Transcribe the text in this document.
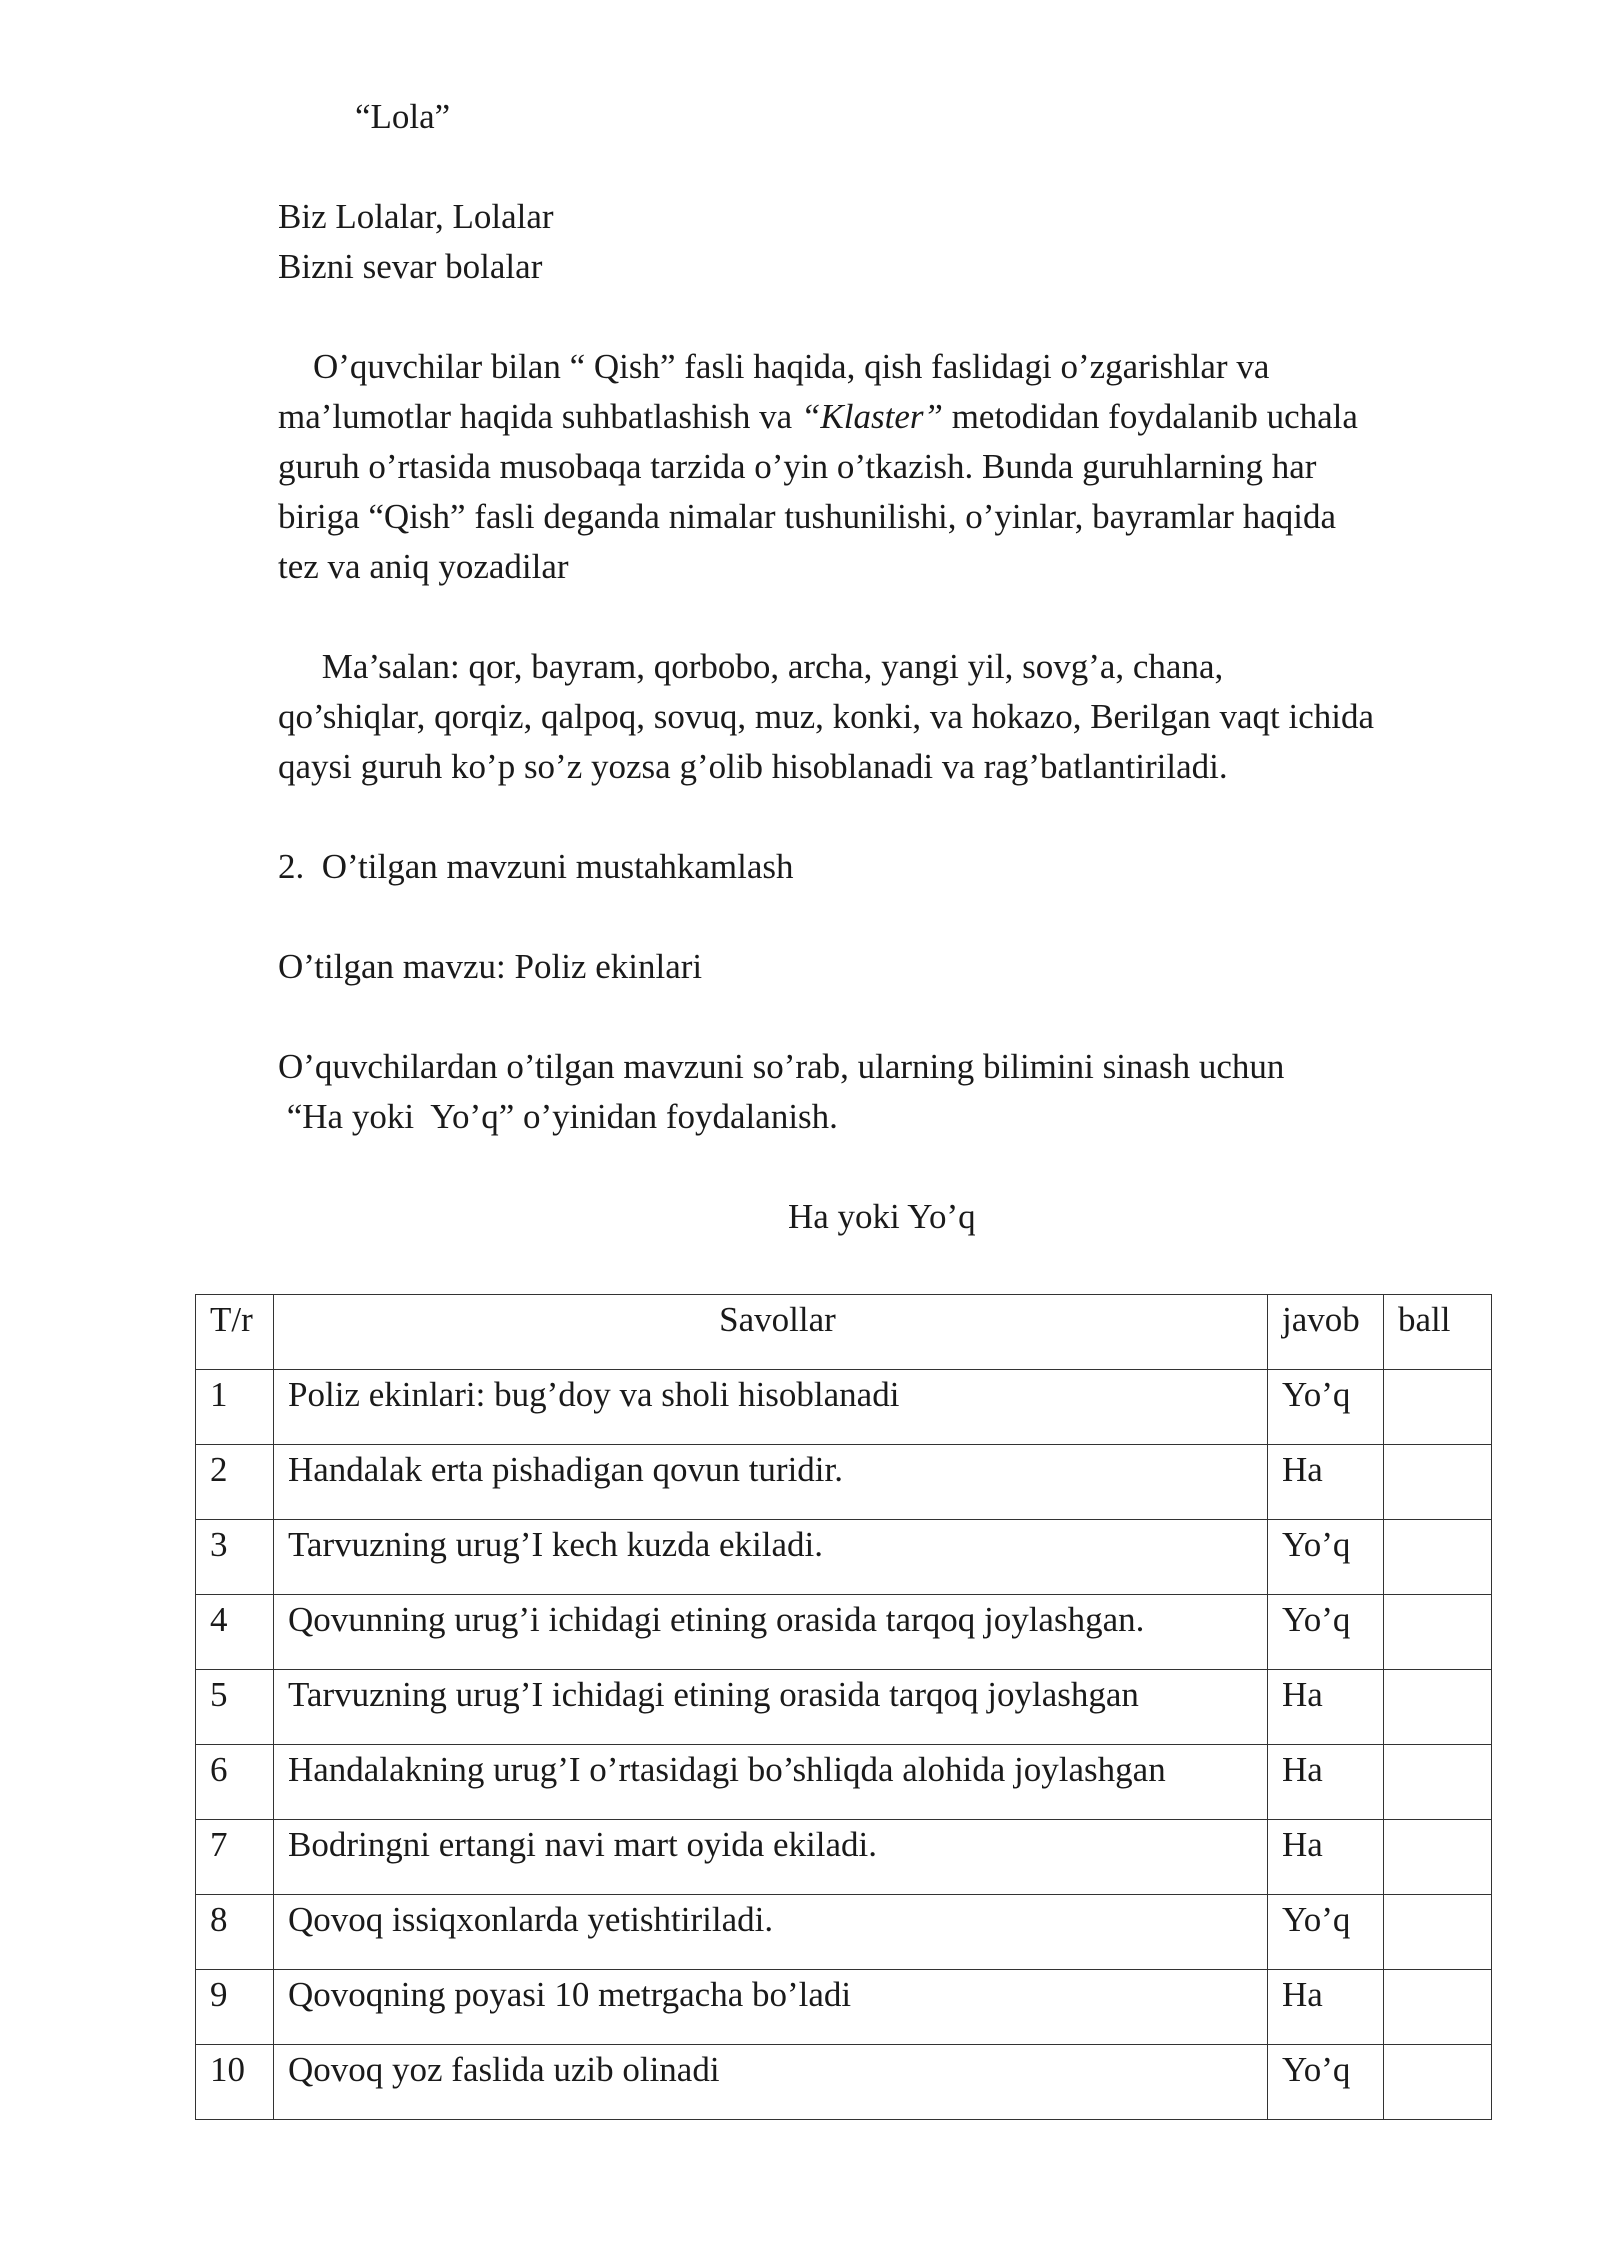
“Lola”

Biz Lolalar, Lolalar
Bizni sevar bolalar

O’quvchilar bilan “ Qish” fasli haqida, qish faslidagi o’zgarishlar va
ma’lumotlar haqida suhbatlashish va “Klaster” metodidan foydalanib uchala
guruh o’rtasida musobaqa tarzida o’yin o’tkazish. Bunda guruhlarning har
biriga “Qish” fasli deganda nimalar tushunilishi, o’yinlar, bayramlar haqida
tez va aniq yozadilar

Ma’salan: qor, bayram, qorbobo, archa, yangi yil, sovg’a, chana,
qo’shiqlar, qorqiz, qalpoq, sovuq, muz, konki, va hokazo, Berilgan vaqt ichida
qaysi guruh ko’p so’z yozsa g’olib hisoblanadi va rag’batlantiriladi.

2.  O’tilgan mavzuni mustahkamlash

O’tilgan mavzu: Poliz ekinlari

O’quvchilardan o’tilgan mavzuni so’rab, ularning bilimini sinash uchun
“Ha yoki  Yo’q” o’yinidan foydalanish.

Ha yoki Yo’q

T/r	Savollar	javob	ball
1	Poliz ekinlari: bug’doy va sholi hisoblanadi	Yo’q	
2	Handalak erta pishadigan qovun turidir.	Ha	
3	Tarvuzning urug’I kech kuzda ekiladi.	Yo’q	
4	Qovunning urug’i ichidagi etining orasida tarqoq joylashgan.	Yo’q	
5	Tarvuzning urug’I ichidagi etining orasida tarqoq joylashgan	Ha	
6	Handalakning urug’I o’rtasidagi bo’shliqda alohida joylashgan	Ha	
7	Bodringni ertangi navi mart oyida ekiladi.	Ha	
8	Qovoq issiqxonlarda yetishtiriladi.	Yo’q	
9	Qovoqning poyasi 10 metrgacha bo’ladi	Ha	
10	Qovoq yoz faslida uzib olinadi	Yo’q	
